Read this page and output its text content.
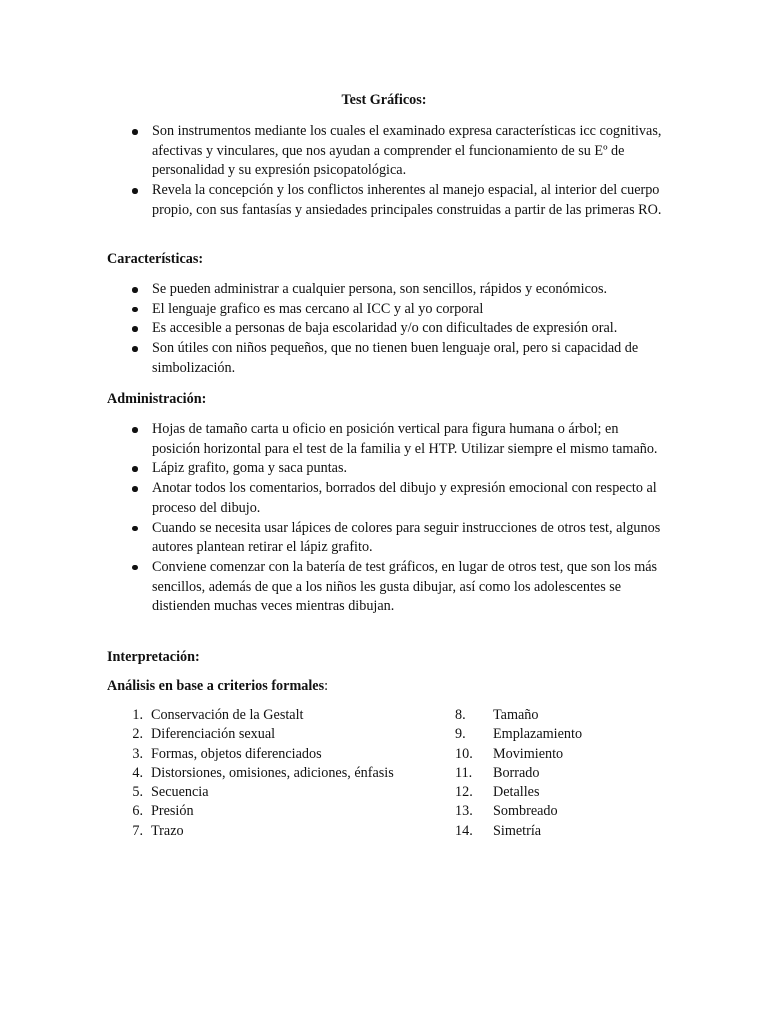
Test Gráficos:
Son instrumentos mediante los cuales el examinado expresa características icc cognitivas, afectivas y vinculares, que nos ayudan a comprender el funcionamiento de su Eº de personalidad y su expresión psicopatológica.
Revela la concepción y los conflictos inherentes al manejo espacial, al interior del cuerpo propio, con sus fantasías y ansiedades principales construidas a partir de las primeras RO.
Características:
Se pueden administrar a cualquier persona, son sencillos, rápidos y económicos.
El lenguaje grafico es mas cercano al ICC y al yo corporal
Es accesible a personas de baja escolaridad y/o con dificultades de expresión oral.
Son útiles con niños pequeños, que no tienen buen lenguaje oral, pero si capacidad de simbolización.
Administración:
Hojas de tamaño carta u oficio en posición vertical para figura humana o árbol; en posición horizontal para el test de la familia y el HTP. Utilizar siempre el mismo tamaño.
Lápiz grafito, goma y saca puntas.
Anotar todos los comentarios, borrados del dibujo y expresión emocional con respecto al proceso del dibujo.
Cuando se necesita usar lápices de colores para seguir instrucciones de otros test, algunos autores plantean retirar el lápiz grafito.
Conviene comenzar con la batería de test gráficos, en lugar de otros test, que son los más sencillos, además de que a los niños les gusta dibujar, así como los adolescentes se distienden muchas veces mientras dibujan.
Interpretación:
Análisis en base a criterios formales:
1. Conservación de la Gestalt
2. Diferenciación sexual
3. Formas, objetos diferenciados
4. Distorsiones, omisiones, adiciones, énfasis
5. Secuencia
6. Presión
7. Trazo
8. Tamaño
9. Emplazamiento
10. Movimiento
11. Borrado
12. Detalles
13. Sombreado
14. Simetría
